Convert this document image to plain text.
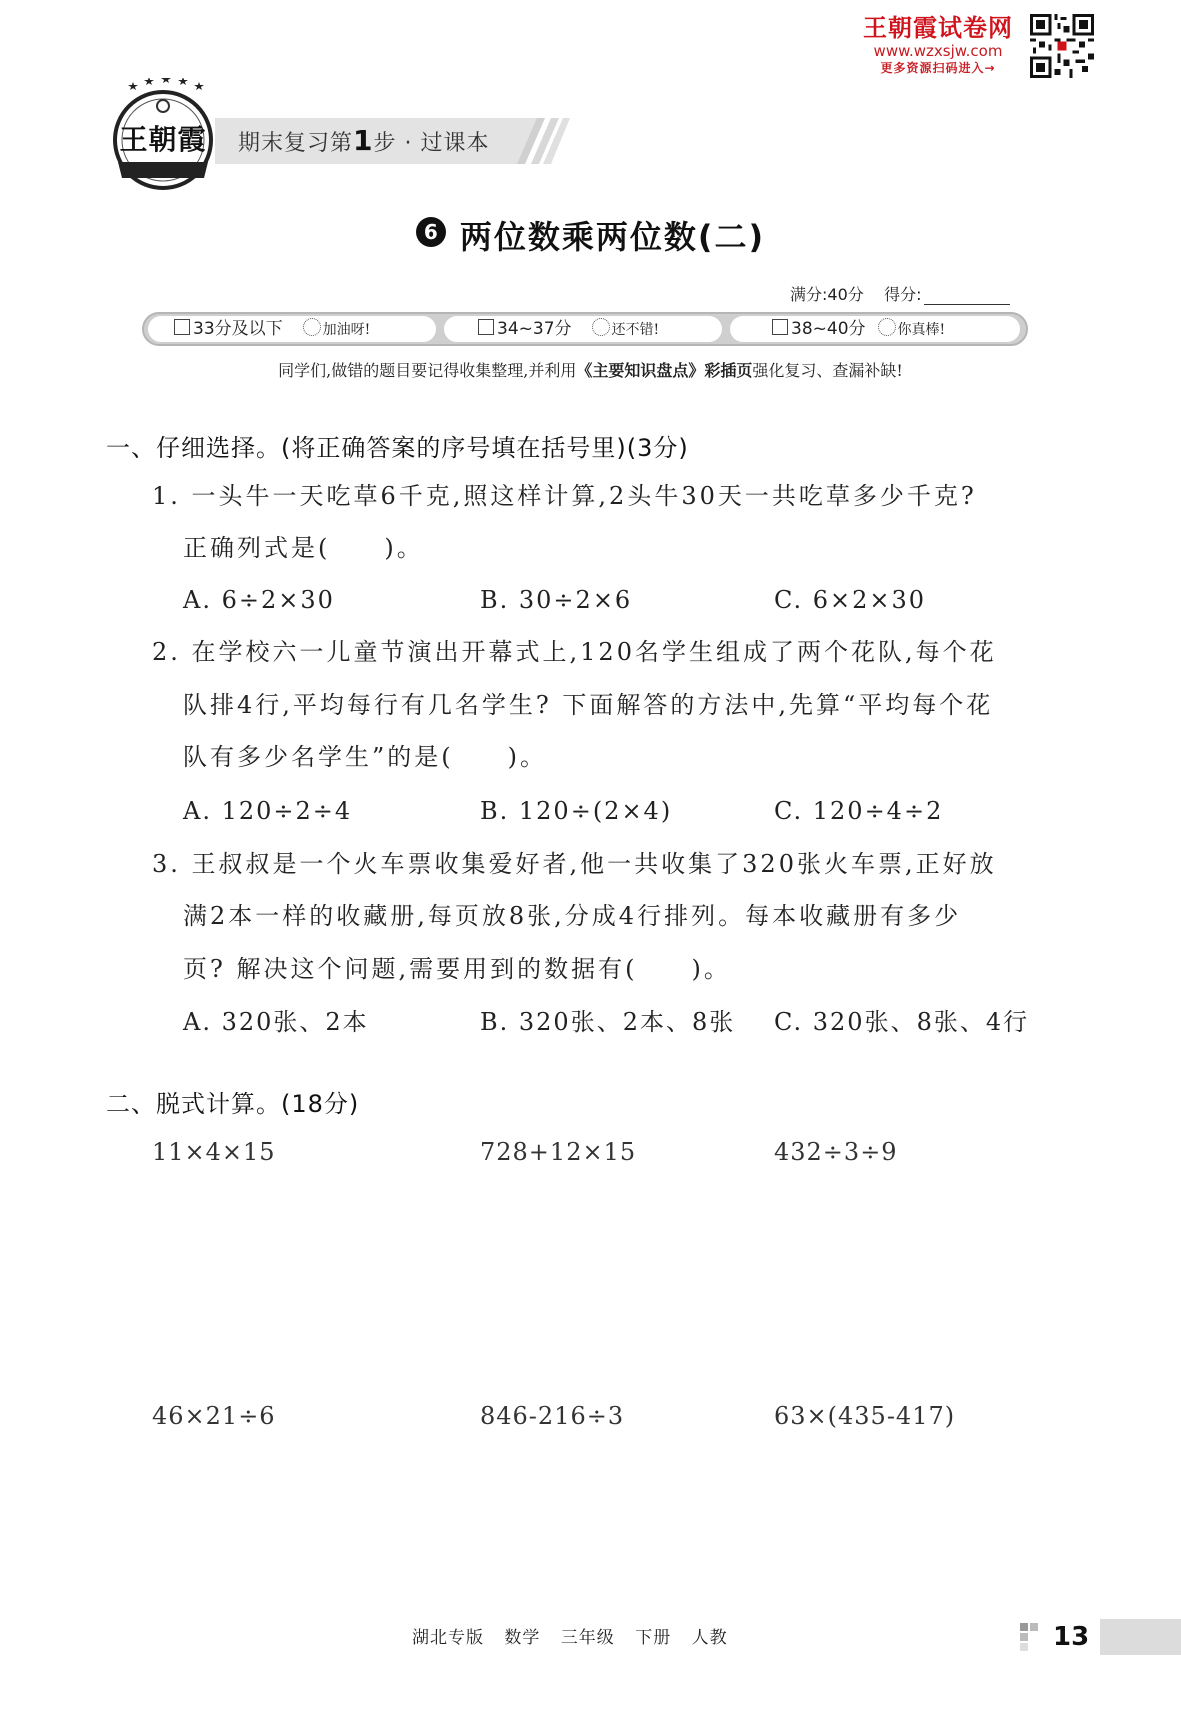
王朝霞试卷网
www.wzxsjw.com
更多资源扫码进入→
王朝霞	期末复习第1步 · 过课本
6 两位数乘两位数(二)
满分:40分 得分:
33分及以下	加油呀!	34~37分	还不错!	38~40分 你真棒!
同学们,做错的题目要记得收集整理,并利用《主要知识盘点》彩插页强化复习、查漏补缺!
一、仔细选择。(将正确答案的序号填在括号里)(3分)
1. 一头牛一天吃草6千克,照这样计算,2头牛30天一共吃草多少千克?
正确列式是(　　)。
A. 6÷2×30	B. 30÷2×6	C. 6×2×30
2. 在学校六一儿童节演出开幕式上,120名学生组成了两个花队,每个花
队排4行,平均每行有几名学生? 下面解答的方法中,先算“平均每个花
队有多少名学生”的是(　　)。
A. 120÷2÷4	B. 120÷(2×4)	C. 120÷4÷2
3. 王叔叔是一个火车票收集爱好者,他一共收集了320张火车票,正好放
满2本一样的收藏册,每页放8张,分成4行排列。每本收藏册有多少
页? 解决这个问题,需要用到的数据有(　　)。
A. 320张、2本	B. 320张、2本、8张 C. 320张、8张、4行
二、脱式计算。(18分)
11×4×15	728+12×15	432÷3÷9
46×21÷6	846-216÷3	63×(435-417)
湖北专版 数学 三年级 下册 人教	13
